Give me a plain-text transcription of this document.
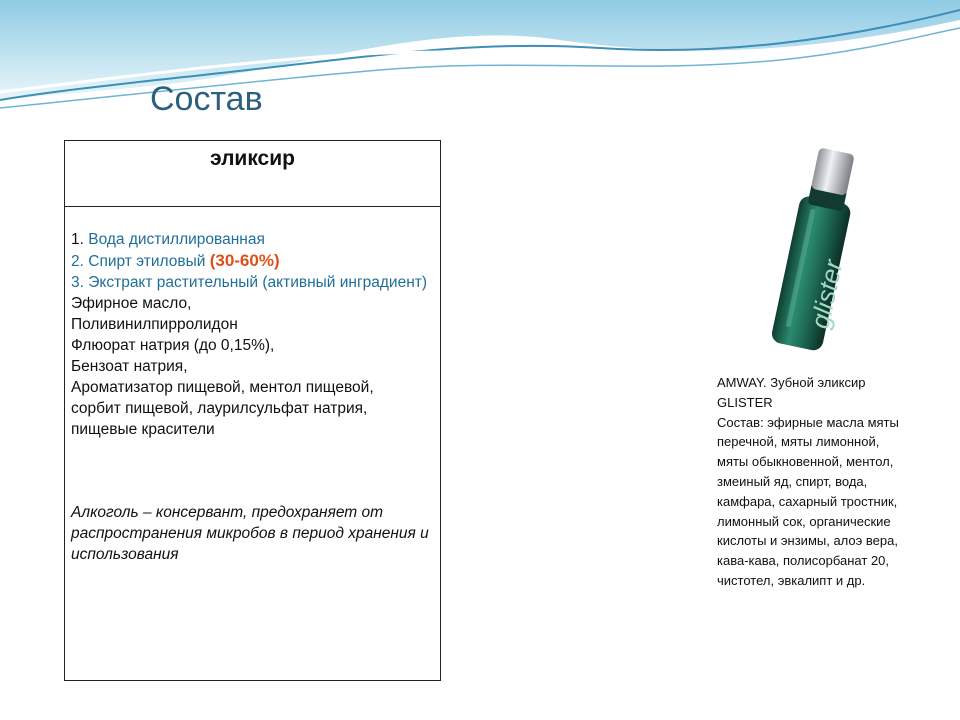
Состав
эликсир
1. Вода дистиллированная
2. Спирт этиловый (30-60%)
3. Экстракт растительный (активный инградиент)
Эфирное масло,
Поливинилпирролидон
Флюорат натрия (до 0,15%),
Бензоат натрия,
Ароматизатор пищевой, ментол пищевой,
сорбит пищевой, лаурилсульфат натрия,
пищевые красители
Алкоголь – консервант, предохраняет от распространения микробов в период хранения и использования
glister
AMWAY. Зубной эликсир
GLISTER
Состав: эфирные масла мяты
перечной, мяты лимонной,
мяты обыкновенной, ментол,
змеиный яд, спирт, вода,
камфара, сахарный тростник,
лимонный сок, органические
кислоты и энзимы, алоэ вера,
кава-кава, полисорбанат 20,
чистотел, эвкалипт и др.
